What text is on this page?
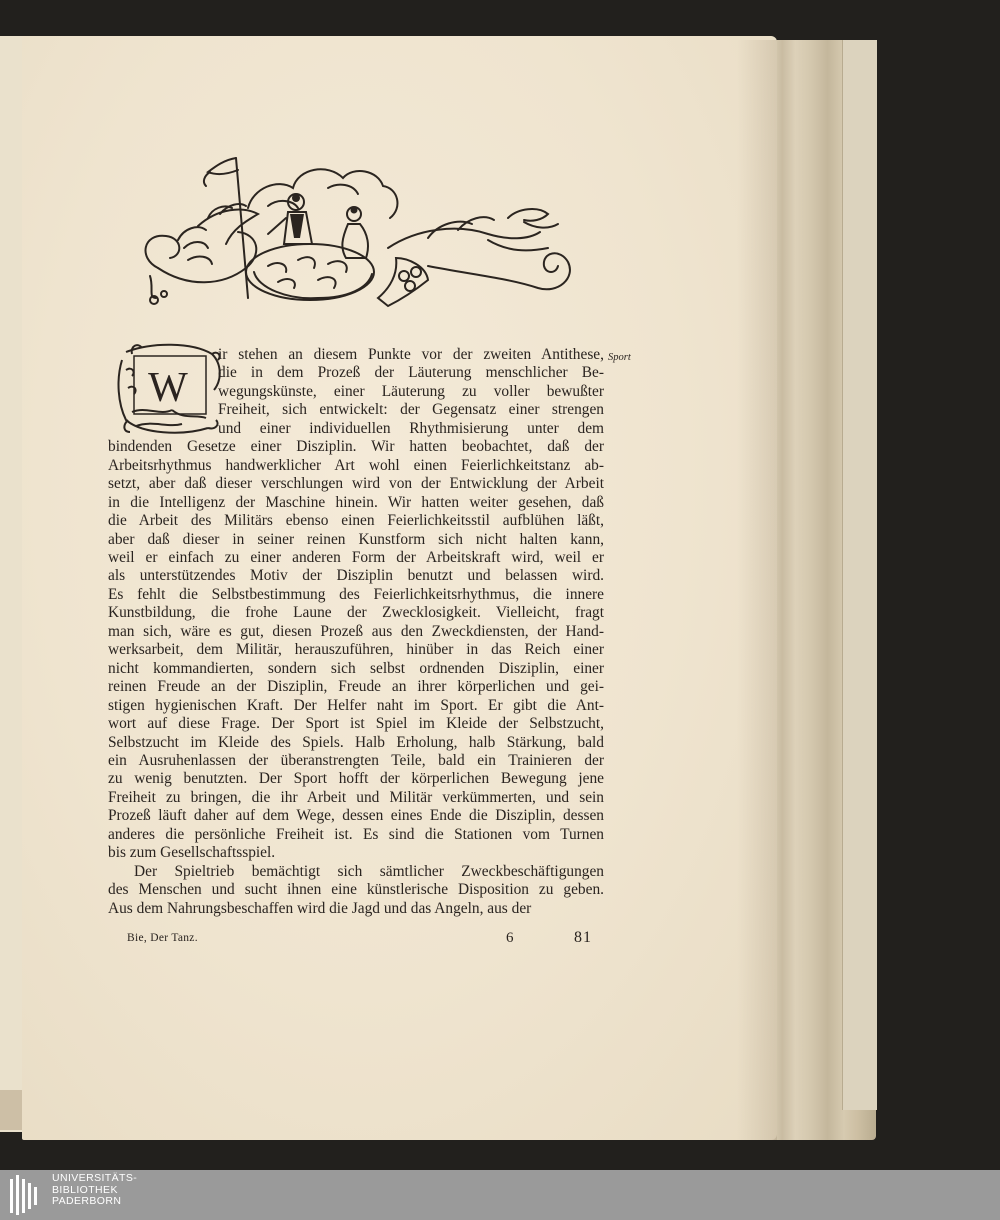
W
Sport
ir stehen an diesem Punkte vor der zweiten Antithese,
die in dem Prozeß der Läuterung menschlicher Be-
wegungskünste, einer Läuterung zu voller bewußter
Freiheit, sich entwickelt: der Gegensatz einer strengen
und einer individuellen Rhythmisierung unter dem
bindenden Gesetze einer Disziplin. Wir hatten beobachtet, daß der
Arbeitsrhythmus handwerklicher Art wohl einen Feierlichkeitstanz ab-
setzt, aber daß dieser verschlungen wird von der Entwicklung der Arbeit
in die Intelligenz der Maschine hinein. Wir hatten weiter gesehen, daß
die Arbeit des Militärs ebenso einen Feierlichkeitsstil aufblühen läßt,
aber daß dieser in seiner reinen Kunstform sich nicht halten kann,
weil er einfach zu einer anderen Form der Arbeitskraft wird, weil er
als unterstützendes Motiv der Disziplin benutzt und belassen wird.
Es fehlt die Selbstbestimmung des Feierlichkeitsrhythmus, die innere
Kunstbildung, die frohe Laune der Zwecklosigkeit. Vielleicht, fragt
man sich, wäre es gut, diesen Prozeß aus den Zweckdiensten, der Hand-
werksarbeit, dem Militär, herauszuführen, hinüber in das Reich einer
nicht kommandierten, sondern sich selbst ordnenden Disziplin, einer
reinen Freude an der Disziplin, Freude an ihrer körperlichen und gei-
stigen hygienischen Kraft. Der Helfer naht im Sport. Er gibt die Ant-
wort auf diese Frage. Der Sport ist Spiel im Kleide der Selbstzucht,
Selbstzucht im Kleide des Spiels. Halb Erholung, halb Stärkung, bald
ein Ausruhenlassen der überanstrengten Teile, bald ein Trainieren der
zu wenig benutzten. Der Sport hofft der körperlichen Bewegung jene
Freiheit zu bringen, die ihr Arbeit und Militär verkümmerten, und sein
Prozeß läuft daher auf dem Wege, dessen eines Ende die Disziplin, dessen
anderes die persönliche Freiheit ist. Es sind die Stationen vom Turnen
bis zum Gesellschaftsspiel.
Der Spieltrieb bemächtigt sich sämtlicher Zweckbeschäftigungen
des Menschen und sucht ihnen eine künstlerische Disposition zu geben.
Aus dem Nahrungsbeschaffen wird die Jagd und das Angeln, aus der
Bie, Der Tanz.	6	81
UNIVERSITÄTS-
BIBLIOTHEK
PADERBORN
